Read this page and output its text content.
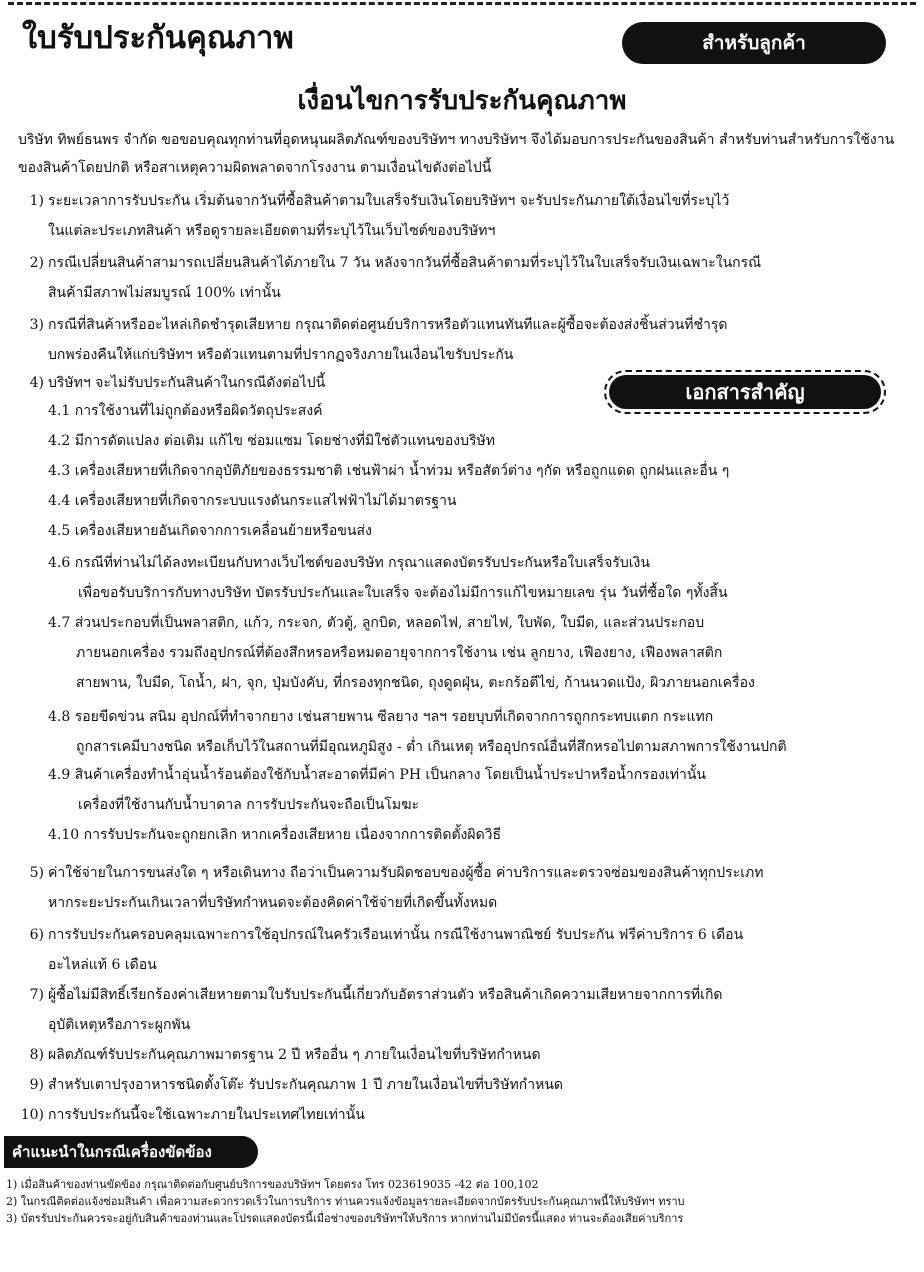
ใบรับประกันคุณภาพ	สำหรับลูกค้า
เงื่อนไขการรับประกันคุณภาพ
บริษัท ทิพย์ธนพร จำกัด ขอขอบคุณทุกท่านที่อุดหนุนผลิตภัณฑ์ของบริษัทฯ ทางบริษัทฯ จึงได้มอบการประกันของสินค้า สำหรับท่านสำหรับการใช้งานของสินค้าโดยปกติ หรือสาเหตุความผิดพลาดจากโรงงาน ตามเงื่อนไขดังต่อไปนี้
เอกสารสำคัญ
1) ระยะเวลาการรับประกัน เริ่มต้นจากวันที่ซื้อสินค้าตามใบเสร็จรับเงินโดยบริษัทฯ จะรับประกันภายใต้เงื่อนไขที่ระบุไว้
ในแต่ละประเภทสินค้า หรือดูรายละเอียดตามที่ระบุไว้ในเว็บไซต์ของบริษัทฯ
2) กรณีเปลี่ยนสินค้าสามารถเปลี่ยนสินค้าได้ภายใน 7 วัน หลังจากวันที่ซื้อสินค้าตามที่ระบุไว้ในใบเสร็จรับเงินเฉพาะในกรณี
สินค้ามีสภาพไม่สมบูรณ์ 100% เท่านั้น
3) กรณีที่สินค้าหรืออะไหล่เกิดชำรุดเสียหาย กรุณาติดต่อศูนย์บริการหรือตัวแทนทันทีและผู้ซื้อจะต้องส่งชิ้นส่วนที่ชำรุด
บกพร่องคืนให้แก่บริษัทฯ หรือตัวแทนตามที่ปรากฏจริงภายในเงื่อนไขรับประกัน
4) บริษัทฯ จะไม่รับประกันสินค้าในกรณีดังต่อไปนี้
4.1 การใช้งานที่ไม่ถูกต้องหรือผิดวัตถุประสงค์
4.2 มีการดัดแปลง ต่อเติม แก้ไข ซ่อมแซม โดยช่างที่มิใช่ตัวแทนของบริษัท
4.3 เครื่องเสียหายที่เกิดจากอุบัติภัยของธรรมชาติ เช่นฟ้าผ่า น้ำท่วม หรือสัตว์ต่าง ๆกัด หรือถูกแดด ถูกฝนและอื่น ๆ
4.4 เครื่องเสียหายที่เกิดจากระบบแรงดันกระแสไฟฟ้าไม่ได้มาตรฐาน
4.5 เครื่องเสียหายอันเกิดจากการเคลื่อนย้ายหรือขนส่ง
4.6 กรณีที่ท่านไม่ได้ลงทะเบียนกับทางเว็บไซต์ของบริษัท กรุณาแสดงบัตรรับประกันหรือใบเสร็จรับเงิน
เพื่อขอรับบริการกับทางบริษัท บัตรรับประกันและใบเสร็จ จะต้องไม่มีการแก้ไขหมายเลข รุ่น วันที่ซื้อใด ๆทั้งสิ้น
4.7 ส่วนประกอบที่เป็นพลาสติก, แก้ว, กระจก, ตัวตู้, ลูกบิด, หลอดไฟ, สายไฟ, ใบพัด, ใบมีด, และส่วนประกอบ
ภายนอกเครื่อง รวมถึงอุปกรณ์ที่ต้องสึกหรอหรือหมดอายุจากการใช้งาน เช่น ลูกยาง, เฟืองยาง, เฟืองพลาสติก
สายพาน, ใบมีด, โถน้ำ, ฝา, จุก, ปุ่มบังคับ, ที่กรองทุกชนิด, ถุงดูดฝุ่น, ตะกร้อตีไข่, ก้านนวดแป้ง, ผิวภายนอกเครื่อง
4.8 รอยขีดข่วน สนิม อุปกณ์ที่ทำจากยาง เช่นสายพาน ซีลยาง ฯลฯ รอยบุบที่เกิดจากการถูกกระทบแตก กระแทก
ถูกสารเคมีบางชนิด หรือเก็บไว้ในสถานที่มีอุณหภูมิสูง - ต่ำ เกินเหตุ หรืออุปกรณ์อื่นที่สึกหรอไปตามสภาพการใช้งานปกติ
4.9 สินค้าเครื่องทำน้ำอุ่นน้ำร้อนต้องใช้กับน้ำสะอาดที่มีค่า PH เป็นกลาง โดยเป็นน้ำประปาหรือน้ำกรองเท่านั้น
เครื่องที่ใช้งานกับน้ำบาดาล การรับประกันจะถือเป็นโมฆะ
4.10 การรับประกันจะถูกยกเลิก หากเครื่องเสียหาย เนื่องจากการติดตั้งผิดวิธี
5) ค่าใช้จ่ายในการขนส่งใด ๆ หรือเดินทาง ถือว่าเป็นความรับผิดชอบของผู้ซื้อ ค่าบริการและตรวจซ่อมของสินค้าทุกประเภท
หากระยะประกันเกินเวลาที่บริษัทกำหนดจะต้องคิดค่าใช้จ่ายที่เกิดขึ้นทั้งหมด
6) การรับประกันครอบคลุมเฉพาะการใช้อุปกรณ์ในครัวเรือนเท่านั้น กรณีใช้งานพาณิชย์ รับประกัน ฟรีค่าบริการ 6 เดือน
อะไหล่แท้ 6 เดือน
7) ผู้ซื้อไม่มีสิทธิ์เรียกร้องค่าเสียหายตามใบรับประกันนี้เกี่ยวกับอัตราส่วนตัว หรือสินค้าเกิดความเสียหายจากการที่เกิด
อุบัติเหตุหรือภาระผูกพัน
8) ผลิตภัณฑ์รับประกันคุณภาพมาตรฐาน 2 ปี หรืออื่น ๆ ภายในเงื่อนไขที่บริษัทกำหนด
9) สำหรับเตาปรุงอาหารชนิดตั้งโต๊ะ รับประกันคุณภาพ 1 ปี ภายในเงื่อนไขที่บริษัทกำหนด
10) การรับประกันนี้จะใช้เฉพาะภายในประเทศไทยเท่านั้น
คำแนะนำในกรณีเครื่องขัดข้อง
1) เมื่อสินค้าของท่านขัดข้อง กรุณาติดต่อกับศูนย์บริการของบริษัทฯ โดยตรง โทร 023619035 -42 ต่อ 100,102
2) ในกรณีติดต่อแจ้งซ่อมสินค้า เพื่อความสะดวกรวดเร็วในการบริการ ท่านควรแจ้งข้อมูลรายละเอียดจากบัตรรับประกันคุณภาพนี้ให้บริษัทฯ ทราบ
3) บัตรรับประกันควรจะอยู่กับสินค้าของท่านและโปรดแสดงบัตรนี้เมื่อช่างของบริษัทฯให้บริการ หากท่านไม่มีบัตรนี้แสดง ท่านจะต้องเสียค่าบริการ
